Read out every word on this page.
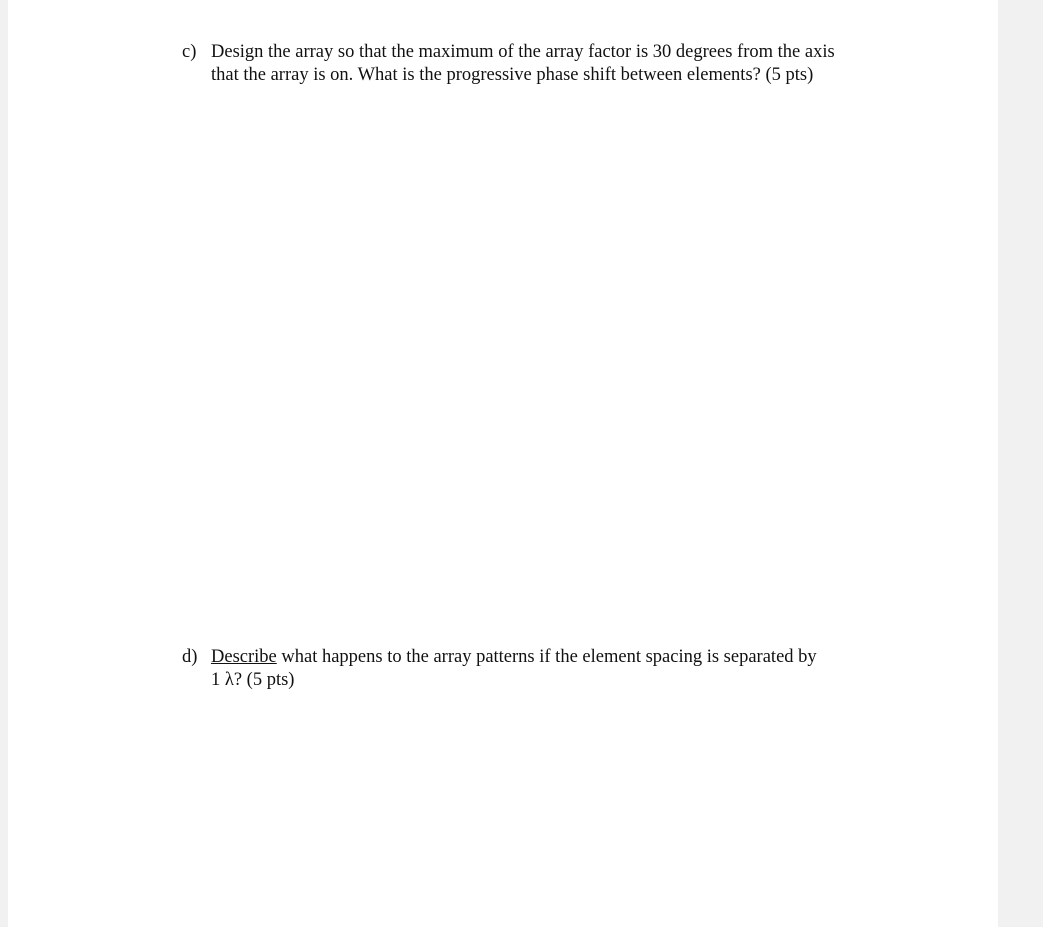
c) Design the array so that the maximum of the array factor is 30 degrees from the axis
that the array is on. What is the progressive phase shift between elements? (5 pts)
d) Describe what happens to the array patterns if the element spacing is separated by
1 λ? (5 pts)
